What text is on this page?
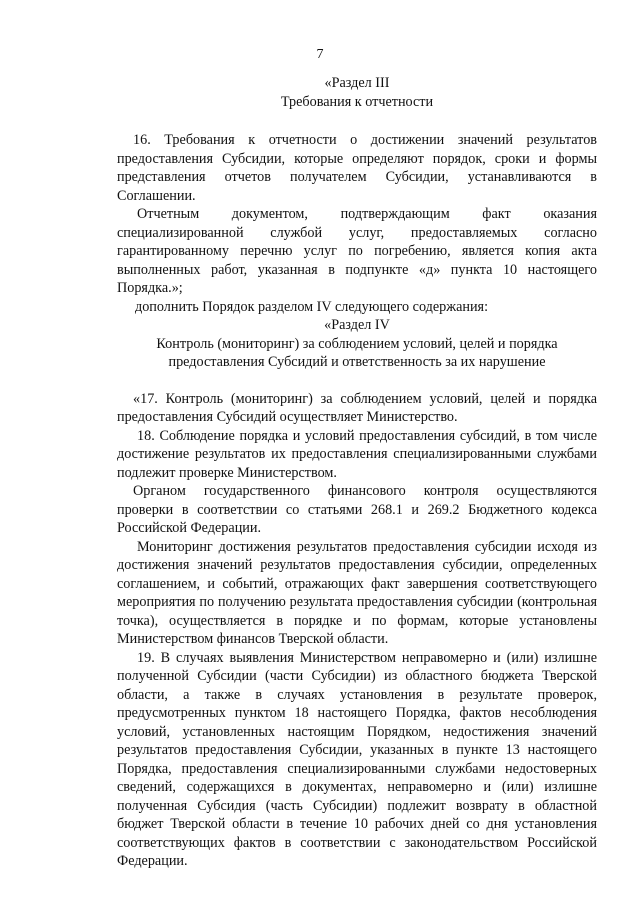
7

«Раздел III

Требования к отчетности

16. Требования к отчетности о достижении значений результатов предоставления Субсидии, которые определяют порядок, сроки и формы представления отчетов получателем Субсидии, устанавливаются в Соглашении.

Отчетным документом, подтверждающим факт оказания специализированной службой услуг, предоставляемых согласно гарантированному перечню услуг по погребению, является копия акта выполненных работ, указанная в подпункте «д» пункта 10 настоящего Порядка.»;

дополнить Порядок разделом IV следующего содержания:

«Раздел IV

Контроль (мониторинг) за соблюдением условий, целей и порядка предоставления Субсидий и ответственность за их нарушение

«17. Контроль (мониторинг) за соблюдением условий, целей и порядка предоставления Субсидий осуществляет Министерство.

18. Соблюдение порядка и условий предоставления субсидий, в том числе достижение результатов их предоставления специализированными службами подлежит проверке Министерством.

Органом государственного финансового контроля осуществляются проверки в соответствии со статьями 268.1 и 269.2 Бюджетного кодекса Российской Федерации.

Мониторинг достижения результатов предоставления субсидии исходя из достижения значений результатов предоставления субсидии, определенных соглашением, и событий, отражающих факт завершения соответствующего мероприятия по получению результата предоставления субсидии (контрольная точка), осуществляется в порядке и по формам, которые установлены Министерством финансов Тверской области.

19. В случаях выявления Министерством неправомерно и (или) излишне полученной Субсидии (части Субсидии) из областного бюджета Тверской области, а также в случаях установления в результате проверок, предусмотренных пунктом 18 настоящего Порядка, фактов несоблюдения условий, установленных настоящим Порядком, недостижения значений результатов предоставления Субсидии, указанных в пункте 13 настоящего Порядка, предоставления специализированными службами недостоверных сведений, содержащихся в документах, неправомерно и (или) излишне полученная Субсидия (часть Субсидии) подлежит возврату в областной бюджет Тверской области в течение 10 рабочих дней со дня установления соответствующих фактов в соответствии с законодательством Российской Федерации.
